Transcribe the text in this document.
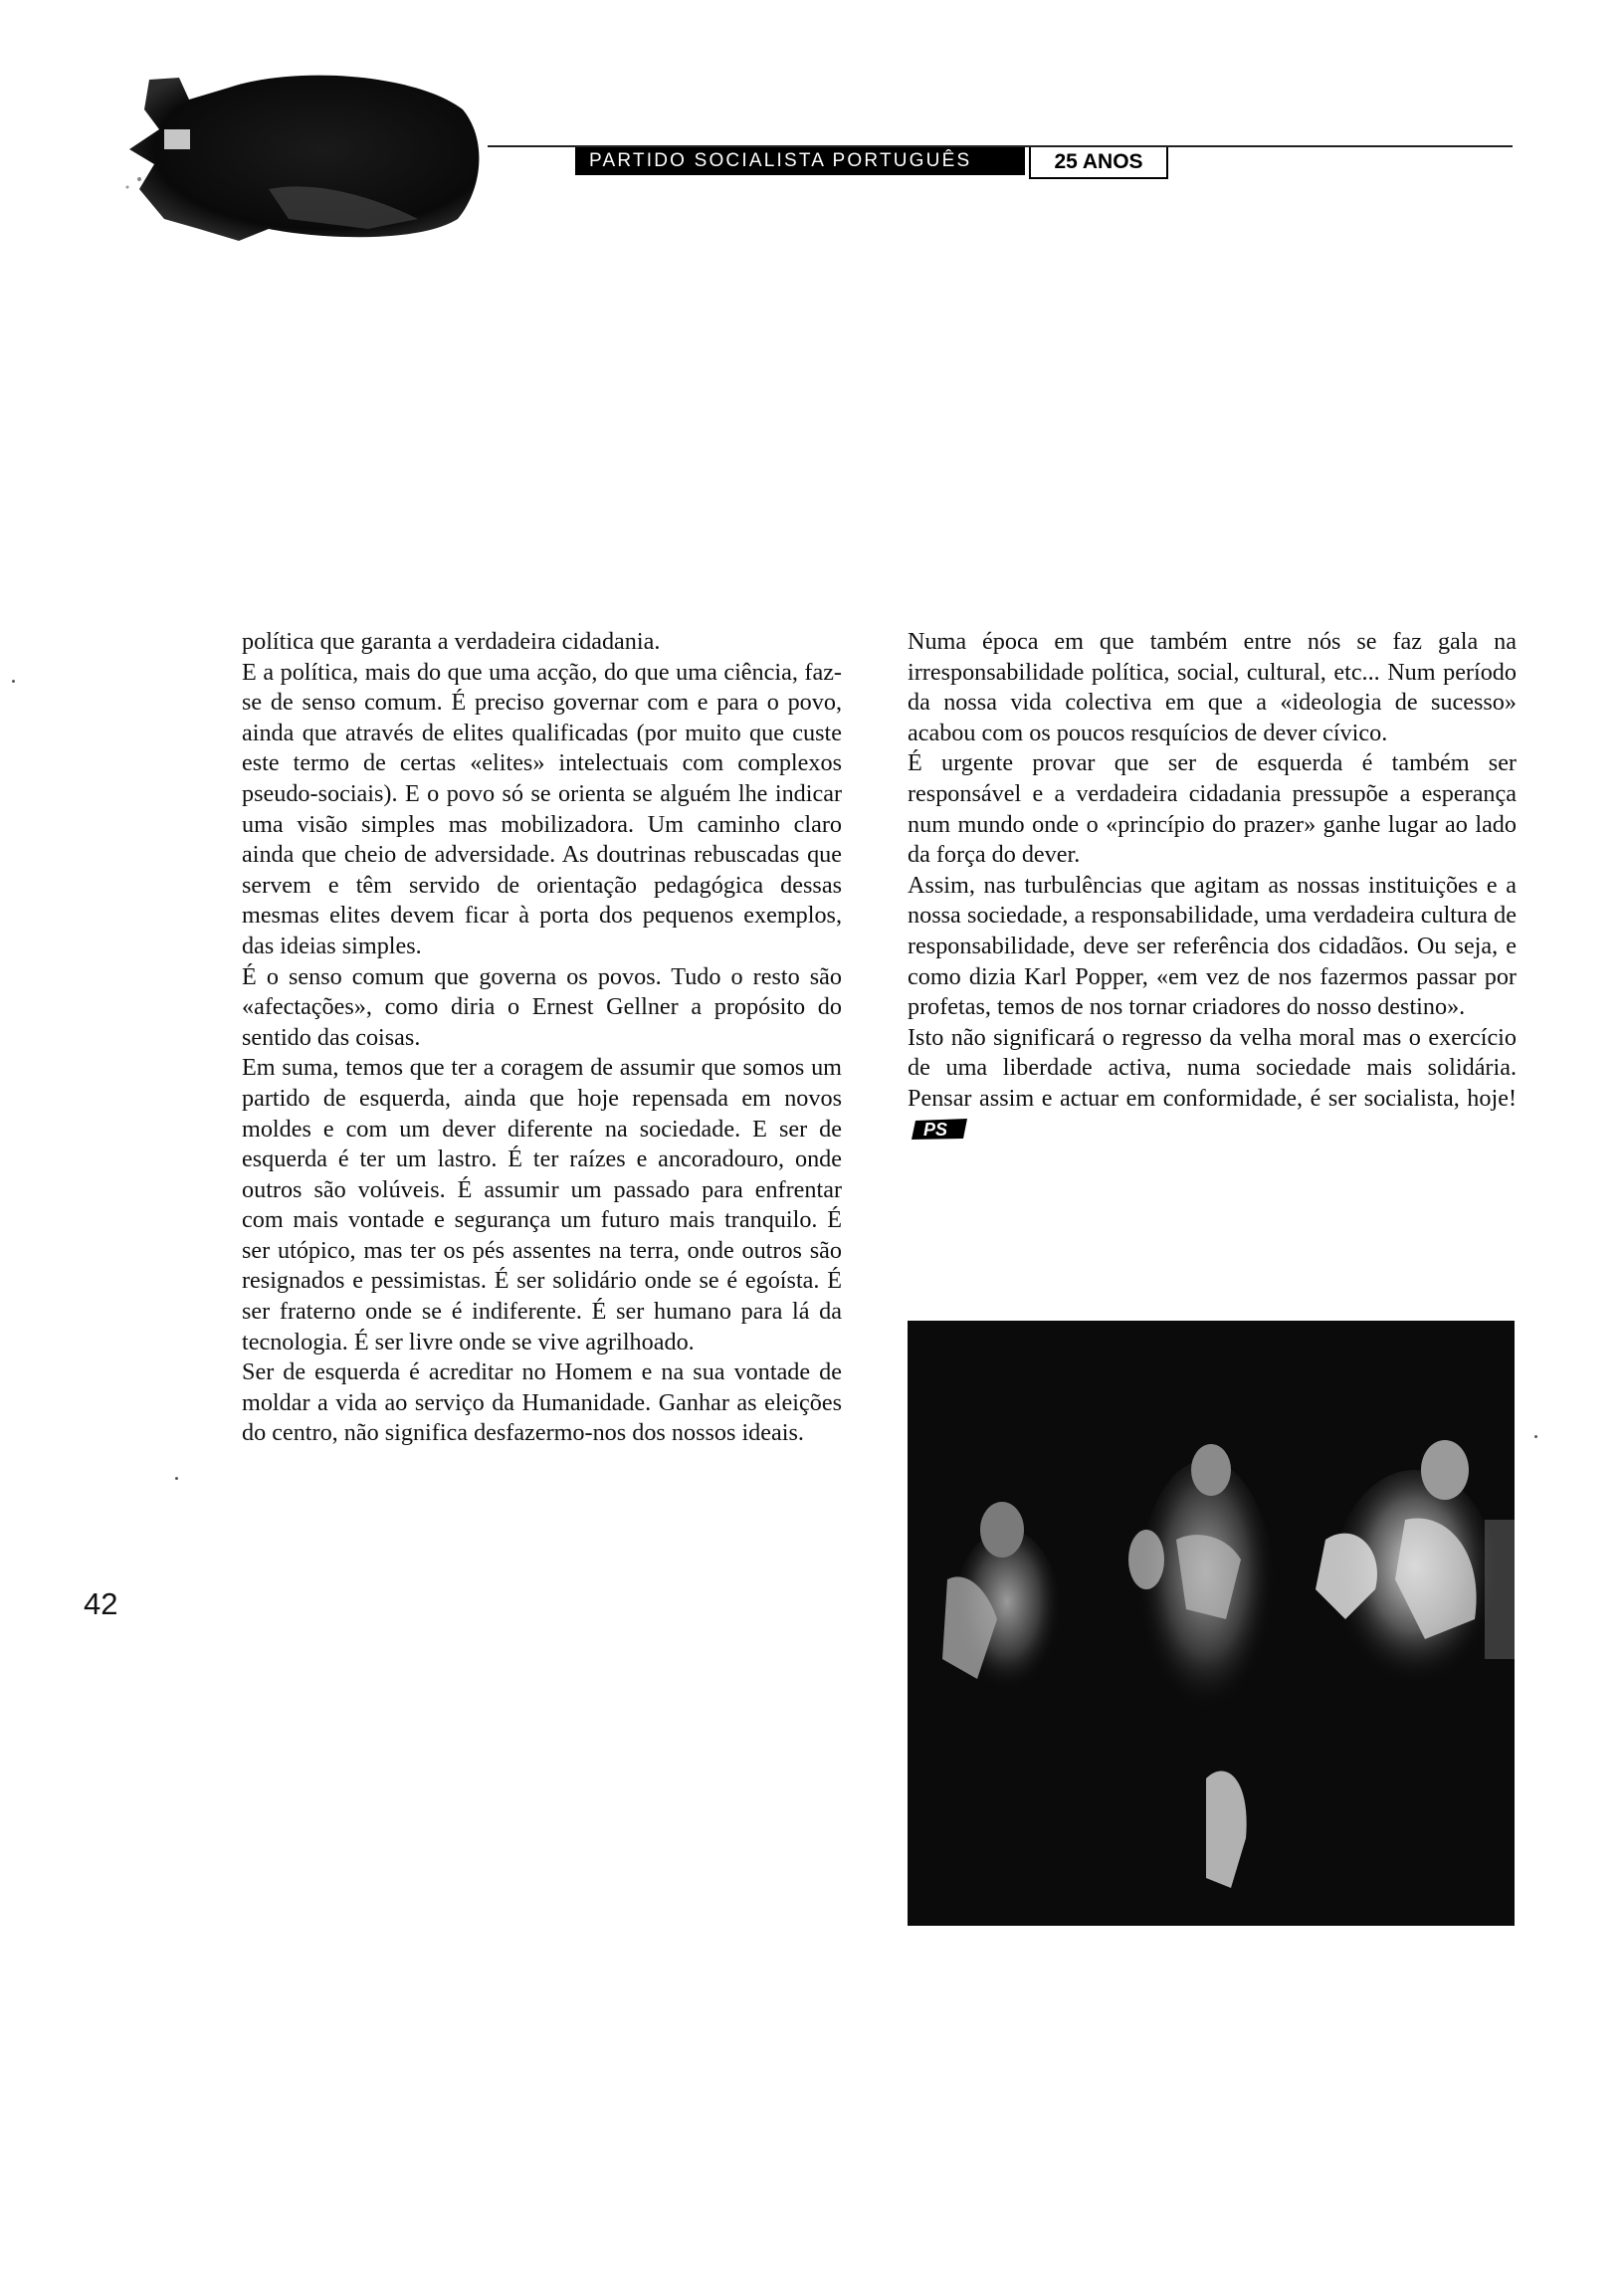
PARTIDO SOCIALISTA PORTUGUÊS	25 ANOS

política que garanta a verdadeira cidadania.

E a política, mais do que uma acção, do que uma ciência, faz-se de senso comum. É preciso governar com e para o povo, ainda que através de elites qualificadas (por muito que custe este termo de certas «elites» intelectuais com complexos pseudo-sociais). E o povo só se orienta se alguém lhe indicar uma visão simples mas mobilizadora. Um caminho claro ainda que cheio de adversidade. As doutrinas rebuscadas que servem e têm servido de orientação pedagógica dessas mesmas elites devem ficar à porta dos pequenos exemplos, das ideias simples.

É o senso comum que governa os povos. Tudo o resto são «afectações», como diria o Ernest Gellner a propósito do sentido das coisas.

Em suma, temos que ter a coragem de assumir que somos um partido de esquerda, ainda que hoje repensada em novos moldes e com um dever diferente na sociedade. E ser de esquerda é ter um lastro. É ter raízes e ancoradouro, onde outros são volúveis. É assumir um passado para enfrentar com mais vontade e segurança um futuro mais tranquilo. É ser utópico, mas ter os pés assentes na terra, onde outros são resignados e pessimistas. É ser solidário onde se é egoísta. É ser fraterno onde se é indiferente. É ser humano para lá da tecnologia. É ser livre onde se vive agrilhoado.

Ser de esquerda é acreditar no Homem e na sua vontade de moldar a vida ao serviço da Humanidade. Ganhar as eleições do centro, não significa desfazermo-nos dos nossos ideais.

Numa época em que também entre nós se faz gala na irresponsabilidade política, social, cultural, etc... Num período da nossa vida colectiva em que a «ideologia de sucesso» acabou com os poucos resquícios de dever cívico.

É urgente provar que ser de esquerda é também ser responsável e a verdadeira cidadania pressupõe a esperança num mundo onde o «princípio do prazer» ganhe lugar ao lado da força do dever.

Assim, nas turbulências que agitam as nossas instituições e a nossa sociedade, a responsabilidade, uma verdadeira cultura de responsabilidade, deve ser referência dos cidadãos. Ou seja, e como dizia Karl Popper, «em vez de nos fazermos passar por profetas, temos de nos tornar criadores do nosso destino».

Isto não significará o regresso da velha moral mas o exercício de uma liberdade activa, numa sociedade mais solidária. Pensar assim e actuar em conformidade, é ser socialista, hoje!
PS

42
